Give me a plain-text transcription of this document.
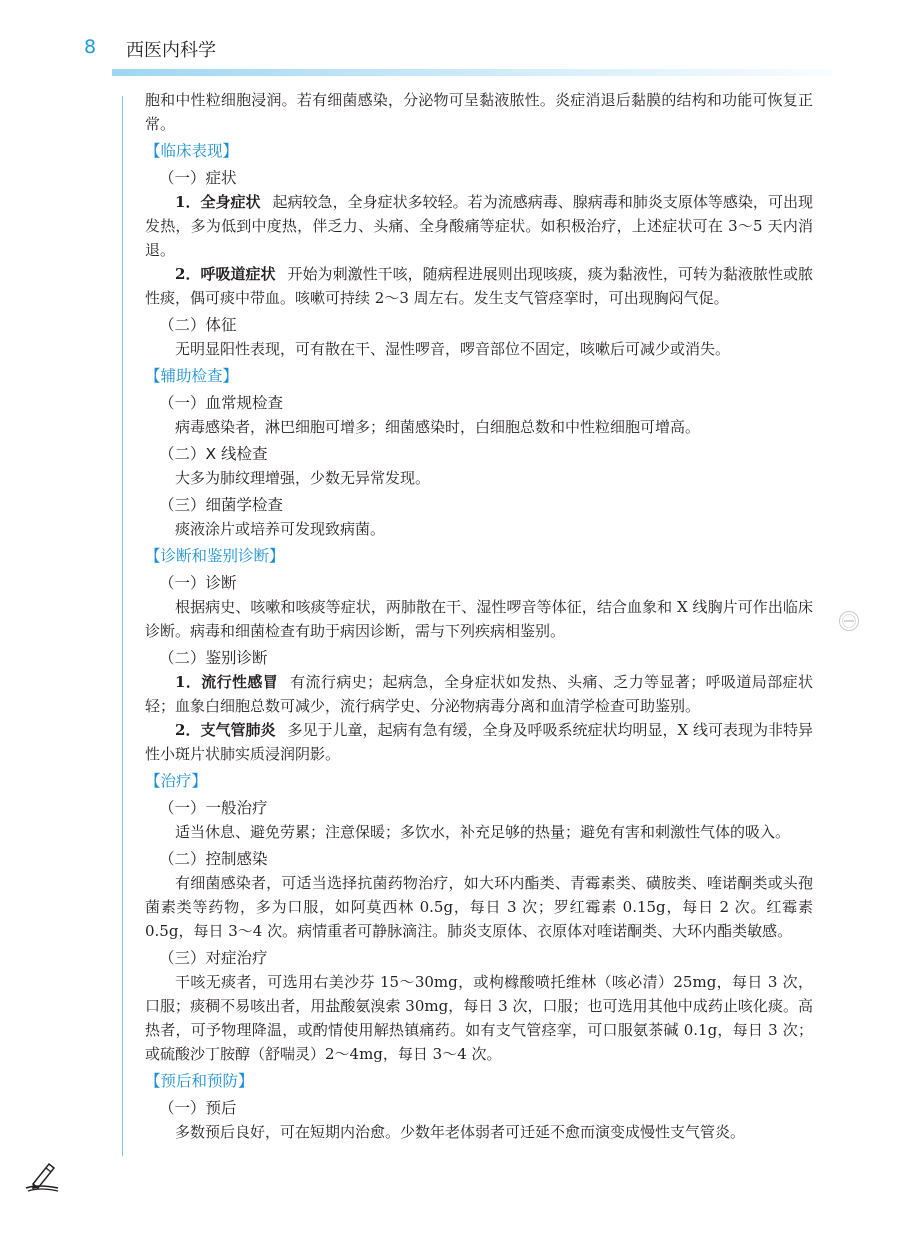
8 西医内科学

胞和中性粒细胞浸润。若有细菌感染，分泌物可呈黏液脓性。炎症消退后黏膜的结构和功能可恢复正常。

【临床表现】
（一）症状

1．全身症状 起病较急，全身症状多较轻。若为流感病毒、腺病毒和肺炎支原体等感染，可出现发热，多为低到中度热，伴乏力、头痛、全身酸痛等症状。如积极治疗，上述症状可在 3～5 天内消退。

2．呼吸道症状 开始为刺激性干咳，随病程进展则出现咳痰，痰为黏液性，可转为黏液脓性或脓性痰，偶可痰中带血。咳嗽可持续 2～3 周左右。发生支气管痉挛时，可出现胸闷气促。

（二）体征

无明显阳性表现，可有散在干、湿性啰音，啰音部位不固定，咳嗽后可减少或消失。

【辅助检查】
（一）血常规检查

病毒感染者，淋巴细胞可增多；细菌感染时，白细胞总数和中性粒细胞可增高。

（二）X 线检查

大多为肺纹理增强，少数无异常发现。

（三）细菌学检查

痰液涂片或培养可发现致病菌。

【诊断和鉴别诊断】
（一）诊断

根据病史、咳嗽和咳痰等症状，两肺散在干、湿性啰音等体征，结合血象和 X 线胸片可作出临床诊断。病毒和细菌检查有助于病因诊断，需与下列疾病相鉴别。

（二）鉴别诊断

1．流行性感冒 有流行病史；起病急，全身症状如发热、头痛、乏力等显著；呼吸道局部症状轻；血象白细胞总数可减少，流行病学史、分泌物病毒分离和血清学检查可助鉴别。

2．支气管肺炎 多见于儿童，起病有急有缓，全身及呼吸系统症状均明显，X 线可表现为非特异性小斑片状肺实质浸润阴影。

【治疗】
（一）一般治疗

适当休息、避免劳累；注意保暖；多饮水，补充足够的热量；避免有害和刺激性气体的吸入。

（二）控制感染

有细菌感染者，可适当选择抗菌药物治疗，如大环内酯类、青霉素类、磺胺类、喹诺酮类或头孢菌素类等药物，多为口服，如阿莫西林 0.5g，每日 3 次；罗红霉素 0.15g，每日 2 次。红霉素 0.5g，每日 3～4 次。病情重者可静脉滴注。肺炎支原体、衣原体对喹诺酮类、大环内酯类敏感。

（三）对症治疗

干咳无痰者，可选用右美沙芬 15～30mg，或枸橼酸喷托维林（咳必清）25mg，每日 3 次，口服；痰稠不易咳出者，用盐酸氨溴索 30mg，每日 3 次，口服；也可选用其他中成药止咳化痰。高热者，可予物理降温，或酌情使用解热镇痛药。如有支气管痉挛，可口服氨茶碱 0.1g，每日 3 次；或硫酸沙丁胺醇（舒喘灵）2～4mg，每日 3～4 次。

【预后和预防】
（一）预后

多数预后良好，可在短期内治愈。少数年老体弱者可迁延不愈而演变成慢性支气管炎。
